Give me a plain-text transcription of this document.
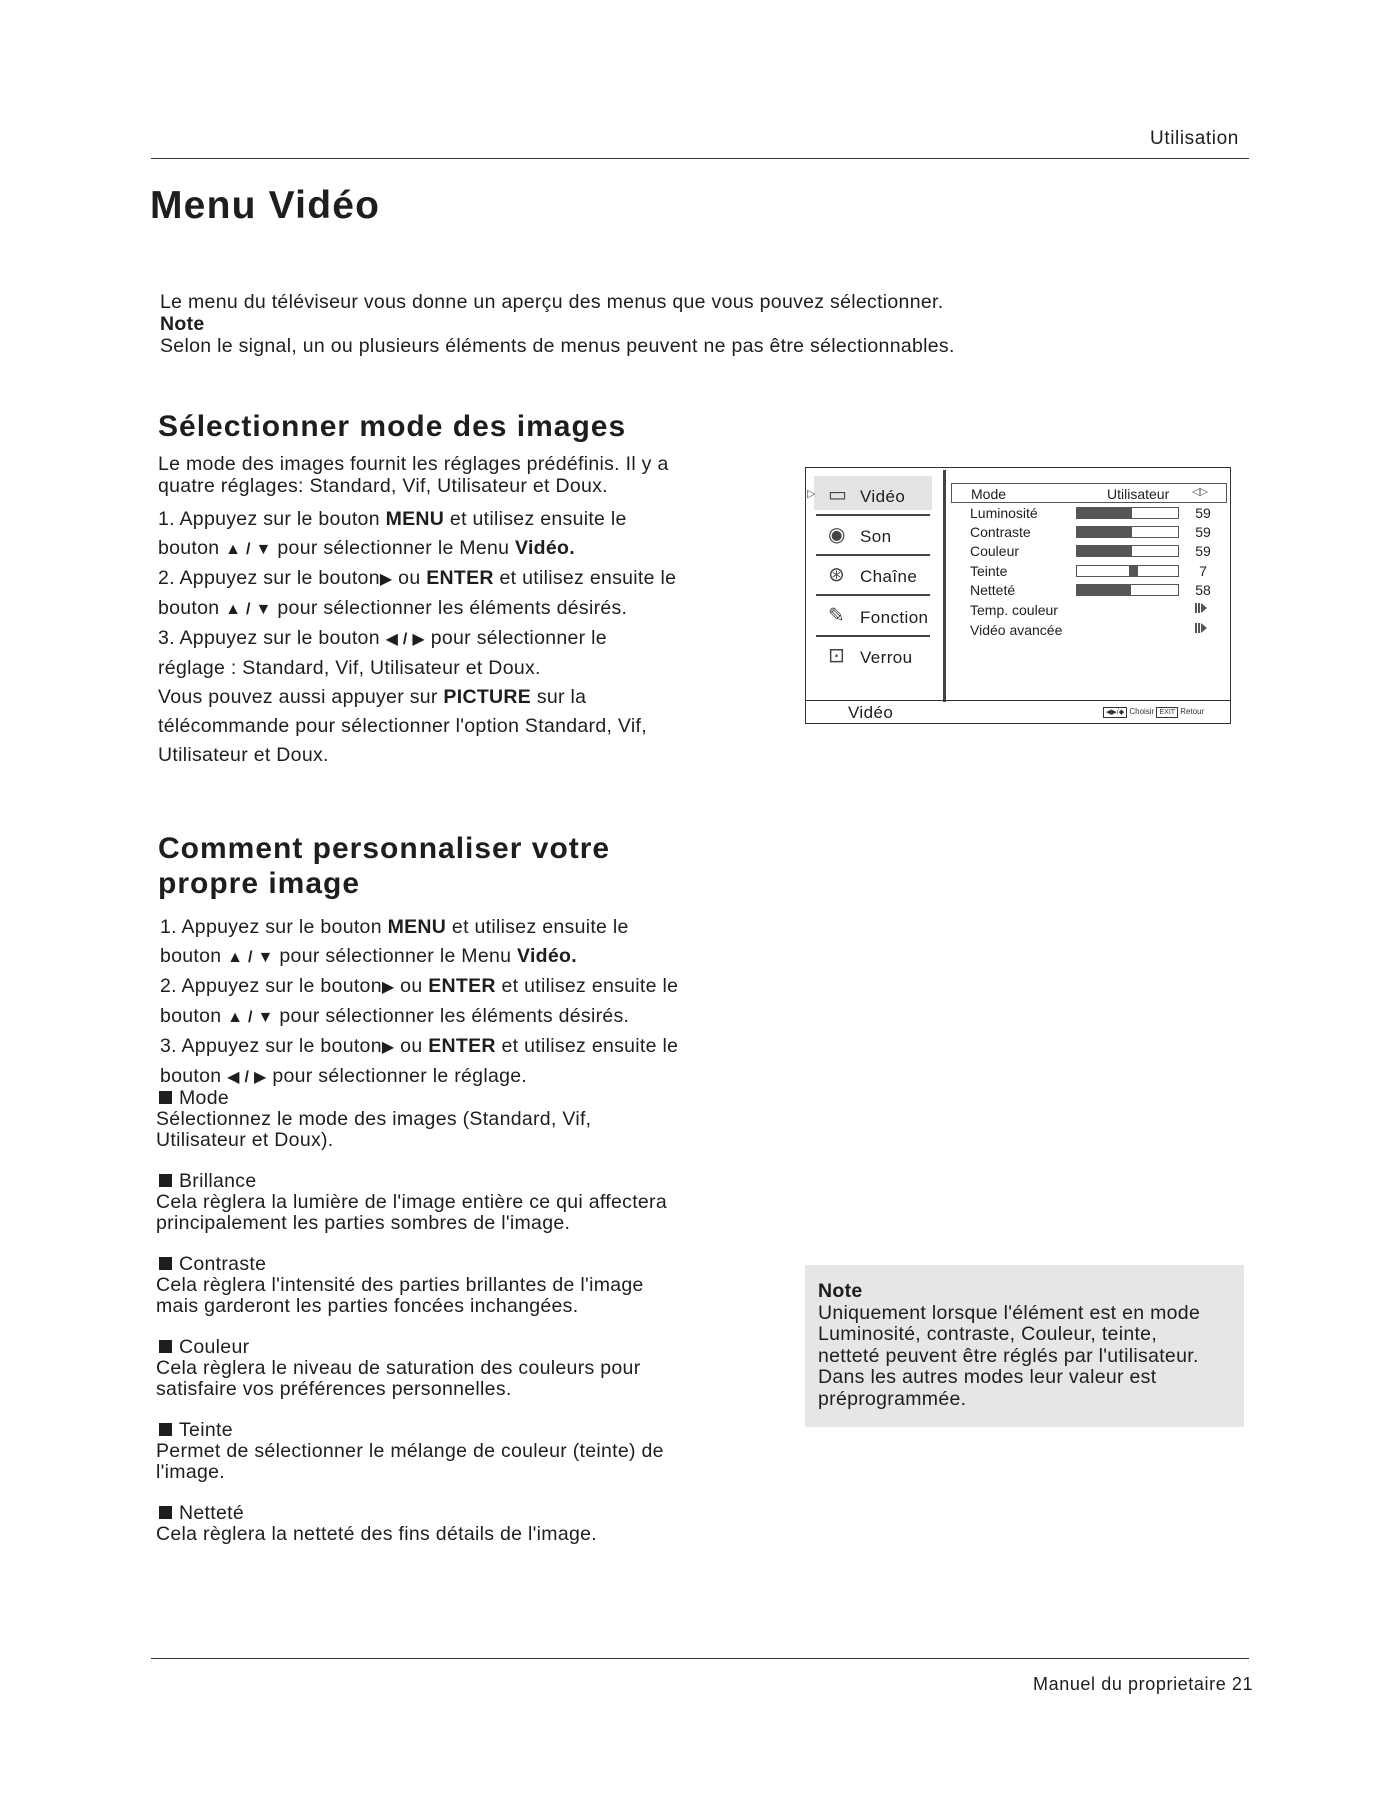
Utilisation
Menu Vidéo
Le menu du téléviseur vous donne un aperçu des menus que vous pouvez sélectionner.
Note
Selon le signal, un ou plusieurs éléments de menus peuvent ne pas être sélectionnables.
Sélectionner mode des images
Le mode des images fournit les réglages prédéfinis. Il y a
quatre réglages: Standard, Vif, Utilisateur et Doux.
1. Appuyez sur le bouton MENU et utilisez ensuite le
bouton ▲ / ▼ pour sélectionner le Menu Vidéo.
2. Appuyez sur le bouton▶ ou ENTER et utilisez ensuite le
bouton ▲ / ▼ pour sélectionner les éléments désirés.
3. Appuyez sur le bouton ◀ / ▶ pour sélectionner le
réglage : Standard, Vif, Utilisateur et Doux.
Vous pouvez aussi appuyer sur PICTURE sur la
télécommande pour sélectionner l'option Standard, Vif,
Utilisateur et Doux.
▷ ▭ Vidéo
◉ Son
⊛ Chaîne
✎ Fonction
⊡ Verrou
Mode	Utilisateur ◁▷
Luminosité	59
Contraste	59
Couleur	59
Teinte	7
Netteté	58
Temp. couleur
Vidéo avancée
Vidéo	◀▶/◆ Choisir EXIT Retour
Comment personnaliser votre
propre image
1. Appuyez sur le bouton MENU et utilisez ensuite le
bouton ▲ / ▼ pour sélectionner le Menu Vidéo.
2. Appuyez sur le bouton▶ ou ENTER et utilisez ensuite le
bouton ▲ / ▼ pour sélectionner les éléments désirés.
3. Appuyez sur le bouton▶ ou ENTER et utilisez ensuite le
bouton ◀ / ▶ pour sélectionner le réglage.
Mode
Sélectionnez le mode des images (Standard, Vif,
Utilisateur et Doux).
Brillance
Cela règlera la lumière de l'image entière ce qui affectera
principalement les parties sombres de l'image.
Contraste
Cela règlera l'intensité des parties brillantes de l'image
mais garderont les parties foncées inchangées.
Couleur
Cela règlera le niveau de saturation des couleurs pour
satisfaire vos préférences personnelles.
Teinte
Permet de sélectionner le mélange de couleur (teinte) de
l'image.
Netteté
Cela règlera la netteté des fins détails de l'image.
Note
Uniquement lorsque l'élément est en mode
Luminosité, contraste, Couleur, teinte,
netteté peuvent être réglés par l'utilisateur.
Dans les autres modes leur valeur est
préprogrammée.
Manuel du proprietaire 21
